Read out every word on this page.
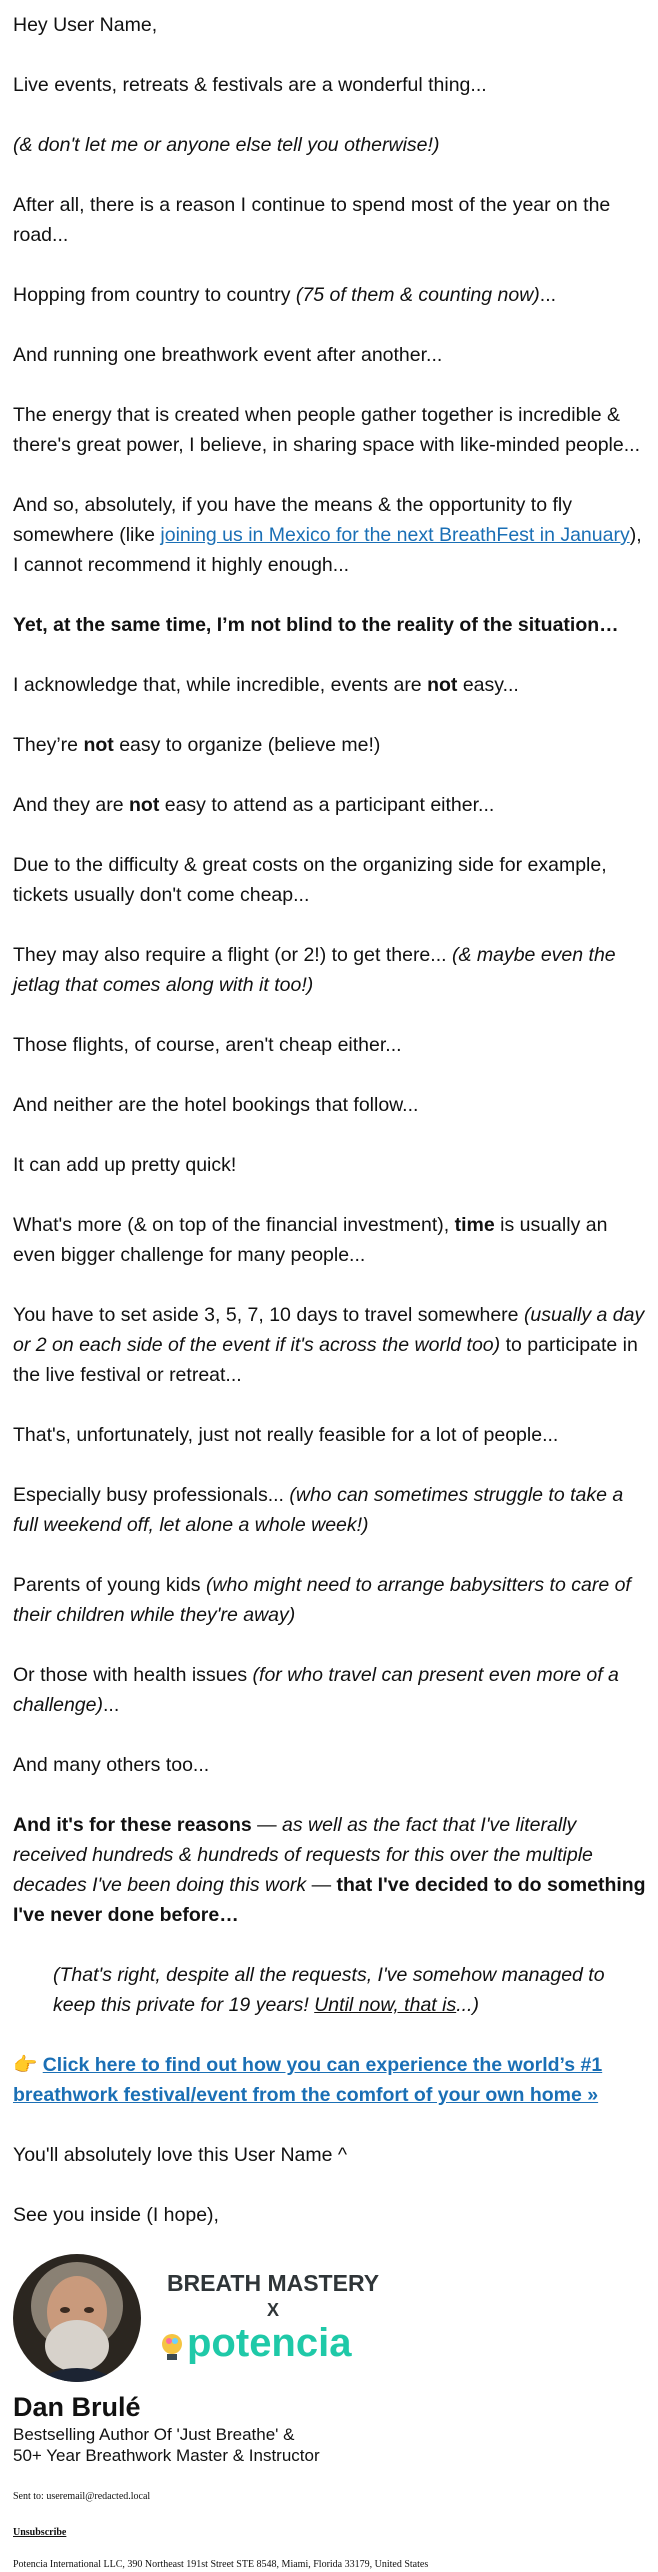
Hey User Name,

Live events, retreats & festivals are a wonderful thing...

(& don't let me or anyone else tell you otherwise!)

After all, there is a reason I continue to spend most of the year on the road...

Hopping from country to country (75 of them & counting now)...

And running one breathwork event after another...

The energy that is created when people gather together is incredible & there's great power, I believe, in sharing space with like-minded people...

And so, absolutely, if you have the means & the opportunity to fly somewhere (like joining us in Mexico for the next BreathFest in January), I cannot recommend it highly enough...

Yet, at the same time, I’m not blind to the reality of the situation…

I acknowledge that, while incredible, events are not easy...

They’re not easy to organize (believe me!)

And they are not easy to attend as a participant either...

Due to the difficulty & great costs on the organizing side for example, tickets usually don't come cheap...

They may also require a flight (or 2!) to get there... (& maybe even the jetlag that comes along with it too!)

Those flights, of course, aren't cheap either...

And neither are the hotel bookings that follow...

It can add up pretty quick!

What's more (& on top of the financial investment), time is usually an even bigger challenge for many people...

You have to set aside 3, 5, 7, 10 days to travel somewhere (usually a day or 2 on each side of the event if it's across the world too) to participate in the live festival or retreat...

That's, unfortunately, just not really feasible for a lot of people...

Especially busy professionals... (who can sometimes struggle to take a full weekend off, let alone a whole week!)

Parents of young kids (who might need to arrange babysitters to care of their children while they're away)

Or those with health issues (for who travel can present even more of a challenge)...

And many others too...

And it's for these reasons — as well as the fact that I've literally received hundreds & hundreds of requests for this over the multiple decades I've been doing this work — that I've decided to do something I've never done before…

(That's right, despite all the requests, I've somehow managed to keep this private for 19 years! Until now, that is...)

👉 Click here to find out how you can experience the world’s #1 breathwork festival/event from the comfort of your own home »

You'll absolutely love this User Name ^

See you inside (I hope),

BREATH MASTERY
X
potencia
Dan Brulé
Bestselling Author Of 'Just Breathe' &
50+ Year Breathwork Master & Instructor
Sent to: useremail@redacted.local
Unsubscribe
Potencia International LLC, 390 Northeast 191st Street STE 8548, Miami, Florida 33179, United States
